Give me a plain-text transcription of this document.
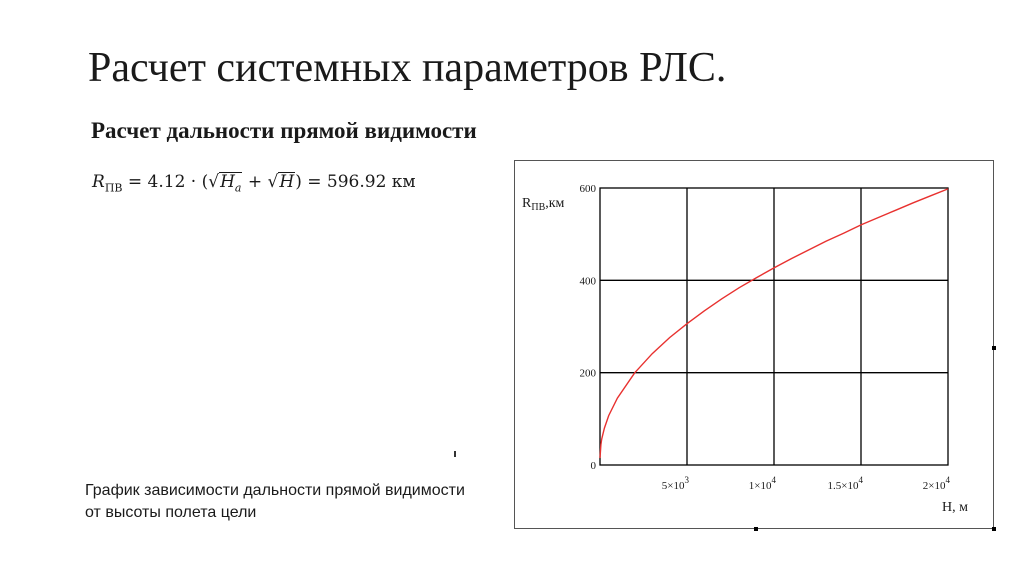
Расчет системных параметров РЛС.
Расчет дальности прямой видимости
$R_{ПВ} = 4.12 \cdot (√H_a + √H) = 596.92$ км
График зависимости дальности прямой видимости
от высоты полета цели
0
200
400
600
$5\times 10^3$	$1\times 10^4$	$1.5\times 10^4$	$2\times 10^4$
$R_{ПВ},км$
H, м
